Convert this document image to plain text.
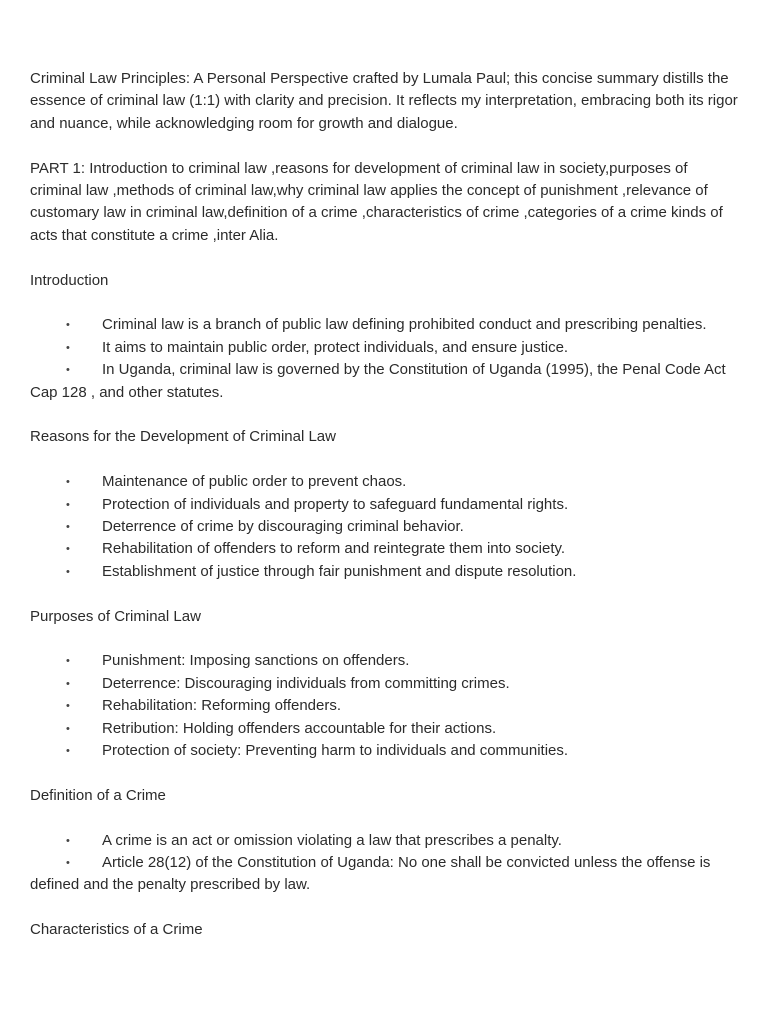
Criminal Law Principles: A Personal Perspective crafted by Lumala Paul; this concise summary distills the essence of criminal law (1:1) with clarity and precision. It reflects my interpretation, embracing both its rigor and nuance, while acknowledging room for growth and dialogue.

PART 1: Introduction to criminal law ,reasons for development of criminal law in society,purposes of criminal law ,methods of criminal law,why criminal law applies the concept of punishment ,relevance of customary law in criminal law,definition of a crime ,characteristics of crime ,categories of a crime kinds of acts that constitute a crime ,inter Alia.

Introduction

• Criminal law is a branch of public law defining prohibited conduct and prescribing penalties.
• It aims to maintain public order, protect individuals, and ensure justice.
• In Uganda, criminal law is governed by the Constitution of Uganda (1995), the Penal Code Act Cap 128 , and other statutes.

Reasons for the Development of Criminal Law

• Maintenance of public order to prevent chaos.
• Protection of individuals and property to safeguard fundamental rights.
• Deterrence of crime by discouraging criminal behavior.
• Rehabilitation of offenders to reform and reintegrate them into society.
• Establishment of justice through fair punishment and dispute resolution.

Purposes of Criminal Law

• Punishment: Imposing sanctions on offenders.
• Deterrence: Discouraging individuals from committing crimes.
• Rehabilitation: Reforming offenders.
• Retribution: Holding offenders accountable for their actions.
• Protection of society: Preventing harm to individuals and communities.

Definition of a Crime

• A crime is an act or omission violating a law that prescribes a penalty.
• Article 28(12) of the Constitution of Uganda: No one shall be convicted unless the offense is defined and the penalty prescribed by law.

Characteristics of a Crime
